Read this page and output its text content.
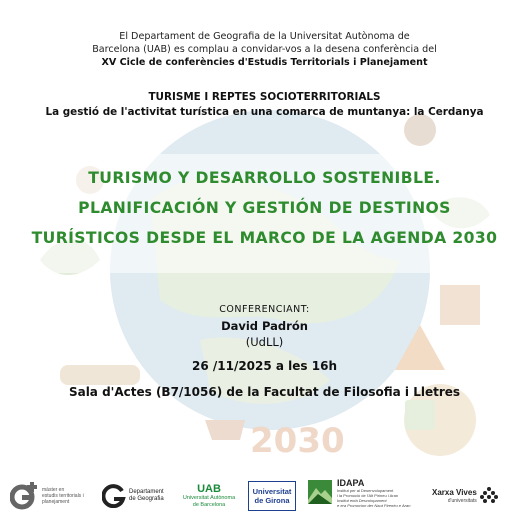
2030
El Departament de Geografia de la Universitat Autònoma de
Barcelona (UAB) es complau a convidar-vos a la desena conferència del
XV Cicle de conferències d'Estudis Territorials i Planejament
TURISME I REPTES SOCIOTERRITORIALS
La gestió de l'activitat turística en una comarca de muntanya: la Cerdanya
TURISMO Y DESARROLLO SOSTENIBLE.
PLANIFICACIÓN Y GESTIÓN DE DESTINOS
TURÍSTICOS DESDE EL MARCO DE LA AGENDA 2030
CONFERENCIANT:
David Padrón
(UdLL)
26 /11/2025 a les 16h
Sala d'Actes (B7/1056) de la Facultat de Filosofia i Lletres
màster en
estudis territorials i
planejament
Departament
de Geografia
UAB
Universitat Autònoma
de Barcelona
Universitat
de Girona
IDAPA
Institut per al Desenvolupament
i la Promoció de l'Alt Pirineu i Aran
Institut entà Desvolopament
e era Promocion der Naut Pirenèu e Aran
Xarxa Vives
d'universitats
